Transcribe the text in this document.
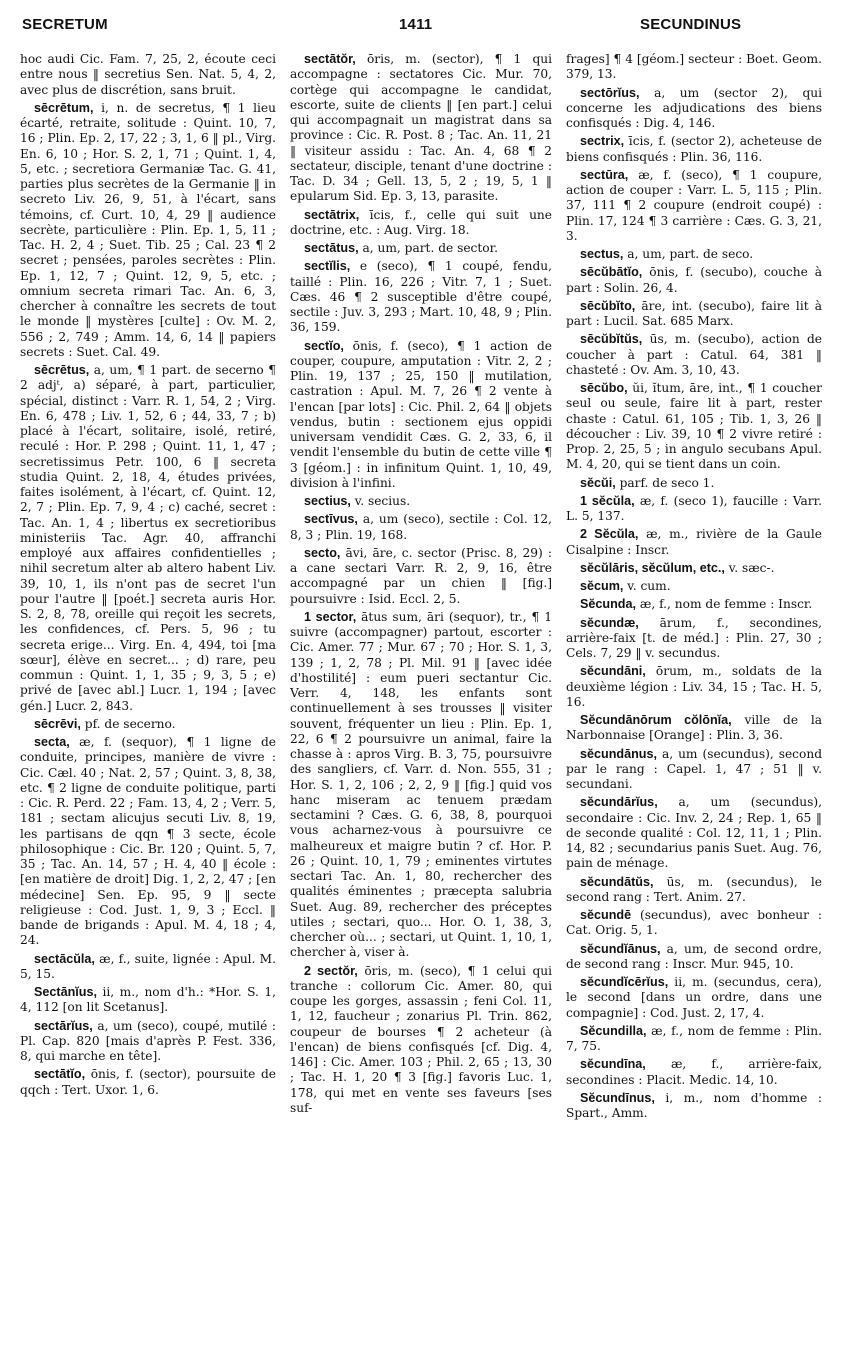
SECRETUM	1411	SECUNDINUS

hoc audi Cic. Fam. 7, 25, 2, écoute ceci entre nous ‖ secretius Sen. Nat. 5, 4, 2, avec plus de discrétion, sans bruit.

sēcrētum, i, n. de secretus, ¶ 1 lieu écarté, retraite, solitude : Quint. 10, 7, 16 ; Plin. Ep. 2, 17, 22 ; 3, 1, 6 ‖ pl., Virg. En. 6, 10 ; Hor. S. 2, 1, 71 ; Quint. 1, 4, 5, etc. ; secretiora Germaniæ Tac. G. 41, parties plus secrètes de la Germanie ‖ in secreto Liv. 26, 9, 51, à l'écart, sans témoins, cf. Curt. 10, 4, 29 ‖ audience secrète, particulière : Plin. Ep. 1, 5, 11 ; Tac. H. 2, 4 ; Suet. Tib. 25 ; Cal. 23 ¶ 2 secret ; pensées, paroles secrètes : Plin. Ep. 1, 12, 7 ; Quint. 12, 9, 5, etc. ; omnium secreta rimari Tac. An. 6, 3, chercher à connaître les secrets de tout le monde ‖ mystères [culte] : Ov. M. 2, 556 ; 2, 749 ; Amm. 14, 6, 14 ‖ papiers secrets : Suet. Cal. 49.

sēcrētus, a, um, ¶ 1 part. de secerno ¶ 2 adjᵗ, a) séparé, à part, particulier, spécial, distinct : Varr. R. 1, 54, 2 ; Virg. En. 6, 478 ; Liv. 1, 52, 6 ; 44, 33, 7 ; b) placé à l'écart, solitaire, isolé, retiré, reculé : Hor. P. 298 ; Quint. 11, 1, 47 ; secretissimus Petr. 100, 6 ‖ secreta studia Quint. 2, 18, 4, études privées, faites isolément, à l'écart, cf. Quint. 12, 2, 7 ; Plin. Ep. 7, 9, 4 ; c) caché, secret : Tac. An. 1, 4 ; libertus ex secretioribus ministeriis Tac. Agr. 40, affranchi employé aux affaires confidentielles ; nihil secretum alter ab altero habent Liv. 39, 10, 1, ils n'ont pas de secret l'un pour l'autre ‖ [poét.] secreta auris Hor. S. 2, 8, 78, oreille qui reçoit les secrets, les confidences, cf. Pers. 5, 96 ; tu secreta erige... Virg. En. 4, 494, toi [ma sœur], élève en secret... ; d) rare, peu commun : Quint. 1, 1, 35 ; 9, 3, 5 ; e) privé de [avec abl.] Lucr. 1, 194 ; [avec gén.] Lucr. 2, 843.

sēcrēvi, pf. de secerno.

secta, æ, f. (sequor), ¶ 1 ligne de conduite, principes, manière de vivre : Cic. Cæl. 40 ; Nat. 2, 57 ; Quint. 3, 8, 38, etc. ¶ 2 ligne de conduite politique, parti : Cic. R. Perd. 22 ; Fam. 13, 4, 2 ; Verr. 5, 181 ; sectam alicujus secuti Liv. 8, 19, les partisans de qqn ¶ 3 secte, école philosophique : Cic. Br. 120 ; Quint. 5, 7, 35 ; Tac. An. 14, 57 ; H. 4, 40 ‖ école : [en matière de droit] Dig. 1, 2, 2, 47 ; [en médecine] Sen. Ep. 95, 9 ‖ secte religieuse : Cod. Just. 1, 9, 3 ; Eccl. ‖ bande de brigands : Apul. M. 4, 18 ; 4, 24.

sectācŭla, æ, f., suite, lignée : Apul. M. 5, 15.

Sectānĭus, ii, m., nom d'h.: *Hor. S. 1, 4, 112 [on lit Scetanus].

sectārĭus, a, um (seco), coupé, mutilé : Pl. Cap. 820 [mais d'après P. Fest. 336, 8, qui marche en tête].

sectātĭo, ōnis, f. (sector), poursuite de qqch : Tert. Uxor. 1, 6.

sectātŏr, ōris, m. (sector), ¶ 1 qui accompagne : sectatores Cic. Mur. 70, cortège qui accompagne le candidat, escorte, suite de clients ‖ [en part.] celui qui accompagnait un magistrat dans sa province : Cic. R. Post. 8 ; Tac. An. 11, 21 ‖ visiteur assidu : Tac. An. 4, 68 ¶ 2 sectateur, disciple, tenant d'une doctrine : Tac. D. 34 ; Gell. 13, 5, 2 ; 19, 5, 1 ‖ epularum Sid. Ep. 3, 13, parasite.

sectātrix, īcis, f., celle qui suit une doctrine, etc. : Aug. Virg. 18.

sectātus, a, um, part. de sector.

sectĭlis, e (seco), ¶ 1 coupé, fendu, taillé : Plin. 16, 226 ; Vitr. 7, 1 ; Suet. Cæs. 46 ¶ 2 susceptible d'être coupé, sectile : Juv. 3, 293 ; Mart. 10, 48, 9 ; Plin. 36, 159.

sectĭo, ōnis, f. (seco), ¶ 1 action de couper, coupure, amputation : Vitr. 2, 2 ; Plin. 19, 137 ; 25, 150 ‖ mutilation, castration : Apul. M. 7, 26 ¶ 2 vente à l'encan [par lots] : Cic. Phil. 2, 64 ‖ objets vendus, butin : sectionem ejus oppidi universam vendidit Cæs. G. 2, 33, 6, il vendit l'ensemble du butin de cette ville ¶ 3 [géom.] : in infinitum Quint. 1, 10, 49, division à l'infini.

sectius, v. secius.

sectīvus, a, um (seco), sectile : Col. 12, 8, 3 ; Plin. 19, 168.

secto, āvi, āre, c. sector (Prisc. 8, 29) : a cane sectari Varr. R. 2, 9, 16, être accompagné par un chien ‖ [fig.] poursuivre : Isid. Eccl. 2, 5.

1 sector, ātus sum, āri (sequor), tr., ¶ 1 suivre (accompagner) partout, escorter : Cic. Amer. 77 ; Mur. 67 ; 70 ; Hor. S. 1, 3, 139 ; 1, 2, 78 ; Pl. Mil. 91 ‖ [avec idée d'hostilité] : eum pueri sectantur Cic. Verr. 4, 148, les enfants sont continuellement à ses trousses ‖ visiter souvent, fréquenter un lieu : Plin. Ep. 1, 22, 6 ¶ 2 poursuivre un animal, faire la chasse à : apros Virg. B. 3, 75, poursuivre des sangliers, cf. Varr. d. Non. 555, 31 ; Hor. S. 1, 2, 106 ; 2, 2, 9 ‖ [fig.] quid vos hanc miseram ac tenuem prædam sectamini ? Cæs. G. 6, 38, 8, pourquoi vous acharnez-vous à poursuivre ce malheureux et maigre butin ? cf. Hor. P. 26 ; Quint. 10, 1, 79 ; eminentes virtutes sectari Tac. An. 1, 80, rechercher des qualités éminentes ; præcepta salubria Suet. Aug. 89, rechercher des préceptes utiles ; sectari, quo... Hor. O. 1, 38, 3, chercher où... ; sectari, ut Quint. 1, 10, 1, chercher à, viser à.

2 sectŏr, ōris, m. (seco), ¶ 1 celui qui tranche : collorum Cic. Amer. 80, qui coupe les gorges, assassin ; feni Col. 11, 1, 12, faucheur ; zonarius Pl. Trin. 862, coupeur de bourses ¶ 2 acheteur (à l'encan) de biens confisqués [cf. Dig. 4, 146] : Cic. Amer. 103 ; Phil. 2, 65 ; 13, 30 ; Tac. H. 1, 20 ¶ 3 [fig.] favoris Luc. 1, 178, qui met en vente ses faveurs [ses suf-

frages] ¶ 4 [géom.] secteur : Boet. Geom. 379, 13.

sectōrĭus, a, um (sector 2), qui concerne les adjudications des biens confisqués : Dig. 4, 146.

sectrix, īcis, f. (sector 2), acheteuse de biens confisqués : Plin. 36, 116.

sectūra, æ, f. (seco), ¶ 1 coupure, action de couper : Varr. L. 5, 115 ; Plin. 37, 111 ¶ 2 coupure (endroit coupé) : Plin. 17, 124 ¶ 3 carrière : Cæs. G. 3, 21, 3.

sectus, a, um, part. de seco.

sēcŭbātĭo, ōnis, f. (secubo), couche à part : Solin. 26, 4.

sēcŭbĭto, āre, int. (secubo), faire lit à part : Lucil. Sat. 685 Marx.

sēcŭbĭtŭs, ūs, m. (secubo), action de coucher à part : Catul. 64, 381 ‖ chasteté : Ov. Am. 3, 10, 43.

sēcŭbo, ŭi, ĭtum, āre, int., ¶ 1 coucher seul ou seule, faire lit à part, rester chaste : Catul. 61, 105 ; Tib. 1, 3, 26 ‖ découcher : Liv. 39, 10 ¶ 2 vivre retiré : Prop. 2, 25, 5 ; in angulo secubans Apul. M. 4, 20, qui se tient dans un coin.

sĕcŭi, parf. de seco 1.

1 sĕcŭla, æ, f. (seco 1), faucille : Varr. L. 5, 137.

2 Sĕcŭla, æ, m., rivière de la Gaule Cisalpine : Inscr.

sĕcŭlāris, sĕcŭlum, etc., v. sæc-.

sĕcum, v. cum.

Sĕcunda, æ, f., nom de femme : Inscr.

sĕcundæ, ārum, f., secondines, arrière-faix [t. de méd.] : Plin. 27, 30 ; Cels. 7, 29 ‖ v. secundus.

sĕcundāni, ōrum, m., soldats de la deuxième légion : Liv. 34, 15 ; Tac. H. 5, 16.

Sĕcundānōrum cŏlōnĭa, ville de la Narbonnaise [Orange] : Plin. 3, 36.

sĕcundānus, a, um (secundus), second par le rang : Capel. 1, 47 ; 51 ‖ v. secundani.

sĕcundārĭus, a, um (secundus), secondaire : Cic. Inv. 2, 24 ; Rep. 1, 65 ‖ de seconde qualité : Col. 12, 11, 1 ; Plin. 14, 82 ; secundarius panis Suet. Aug. 76, pain de ménage.

sĕcundātŭs, ūs, m. (secundus), le second rang : Tert. Anim. 27.

sĕcundē (secundus), avec bonheur : Cat. Orig. 5, 1.

sĕcundĭānus, a, um, de second ordre, de second rang : Inscr. Mur. 945, 10.

sĕcundĭcērĭus, ii, m. (secundus, cera), le second [dans un ordre, dans une compagnie] : Cod. Just. 2, 17, 4.

Sĕcundilla, æ, f., nom de femme : Plin. 7, 75.

sĕcundīna, æ, f., arrière-faix, secondines : Placit. Medic. 14, 10.

Sĕcundīnus, i, m., nom d'homme : Spart., Amm.
